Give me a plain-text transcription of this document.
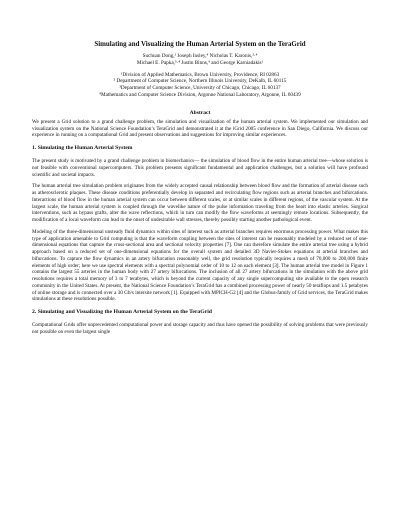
Simulating and Visualizing the Human Arterial System on the TeraGrid
Suchuan Dong,¹ Joseph Insley,⁴ Nicholas T. Karonis,²·⁴
Michael E. Papka,³·⁴ Justin Binns,⁴ and George Karniadakis¹
¹Division of Applied Mathematics, Brown University, Providence, RI 02863
² Department of Computer Science, Northern Illinois University, DeKalb, IL 60115
³Department of Computer Science, University of Chicago, Chicago, IL 60137
⁴Mathematics and Computer Science Division, Argonne National Laboratory, Argonne, IL 60439
Abstract

We present a Grid solution to a grand challenge problem, the simulation and visualization of the human arterial system. We implemented our simulation and visualization system on the National Science Foundation’s TeraGrid and demonstrated it at the iGrid 2005 conference in San Diego, California. We discuss our experience in running on a computational Grid and present observations and suggestions for improving similar experiences.

1. Simulating the Human Arterial System

The present study is motivated by a grand challenge problem in biomechanics— the simulation of blood flow in the entire human arterial tree—whose solution is not feasible with conventional supercomputers. This problem presents significant fundamental and application challenges, but a solution will have profound scientific and societal impacts.

The human arterial tree simulation problem originates from the widely accepted causal relationship between blood flow and the formation of arterial disease such as atherosclerotic plaques. These disease conditions preferentially develop in separated and recirculating flow regions such as arterial branches and bifurcations. Interactions of blood flow in the human arterial system can occur between different scales, or at similar scales in different regions, of the vascular system. At the largest scale, the human arterial system is coupled through the wavelike nature of the pulse information traveling from the heart into elastic arteries. Surgical interventions, such as bypass grafts, alter the wave reflections, which in turn can modify the flow waveforms at seemingly remote locations. Subsequently, the modification of a local waveform can lead to the onset of undesirable wall stresses, thereby possibly starting another pathological event.

Modeling of the three-dimensional unsteady fluid dynamics within sites of interest such as arterial branches requires enormous processing power. What makes this type of application amenable to Grid computing is that the waveform coupling between the sites of interest can be reasonably modeled by a reduced set of one-dimensional equations that capture the cross-sectional area and sectional velocity properties [7]. One can therefore simulate the entire arterial tree using a hybrid approach based on a reduced set of one-dimensional equations for the overall system and detailed 3D Navier-Stokes equations at arterial branches and bifurcations. To capture the flow dynamics in an artery bifurcation reasonably well, the grid resolution typically requires a mesh of 70,000 to 200,000 finite elements of high order; here we use spectral elements with a spectral polynomial order of 10 to 12 on each element [3]. The human arterial tree model in Figure 1 contains the largest 55 arteries in the human body with 27 artery bifurcations. The inclusion of all 27 artery bifurcations in the simulation with the above grid resolutions requires a total memory of 3 to 7 terabytes, which is beyond the current capacity of any single supercomputing site available to the open research community in the United States. At present, the National Science Foundation’s TeraGrid has a combined processing power of nearly 50 teraflops and 1.5 petabytes of online storage and is connected over a 30 Gb/s intersite network [1]. Equipped with MPICH-G2 [4] and the Globus-family of Grid services, the TeraGrid makes simulations at these resolutions possible.

2. Simulating and Visualizing the Human Arterial System on the TeraGrid

Computational Grids offer unprecedented computational power and storage capacity and thus have opened the possibility of solving problems that were previously not possible on even the largest single
